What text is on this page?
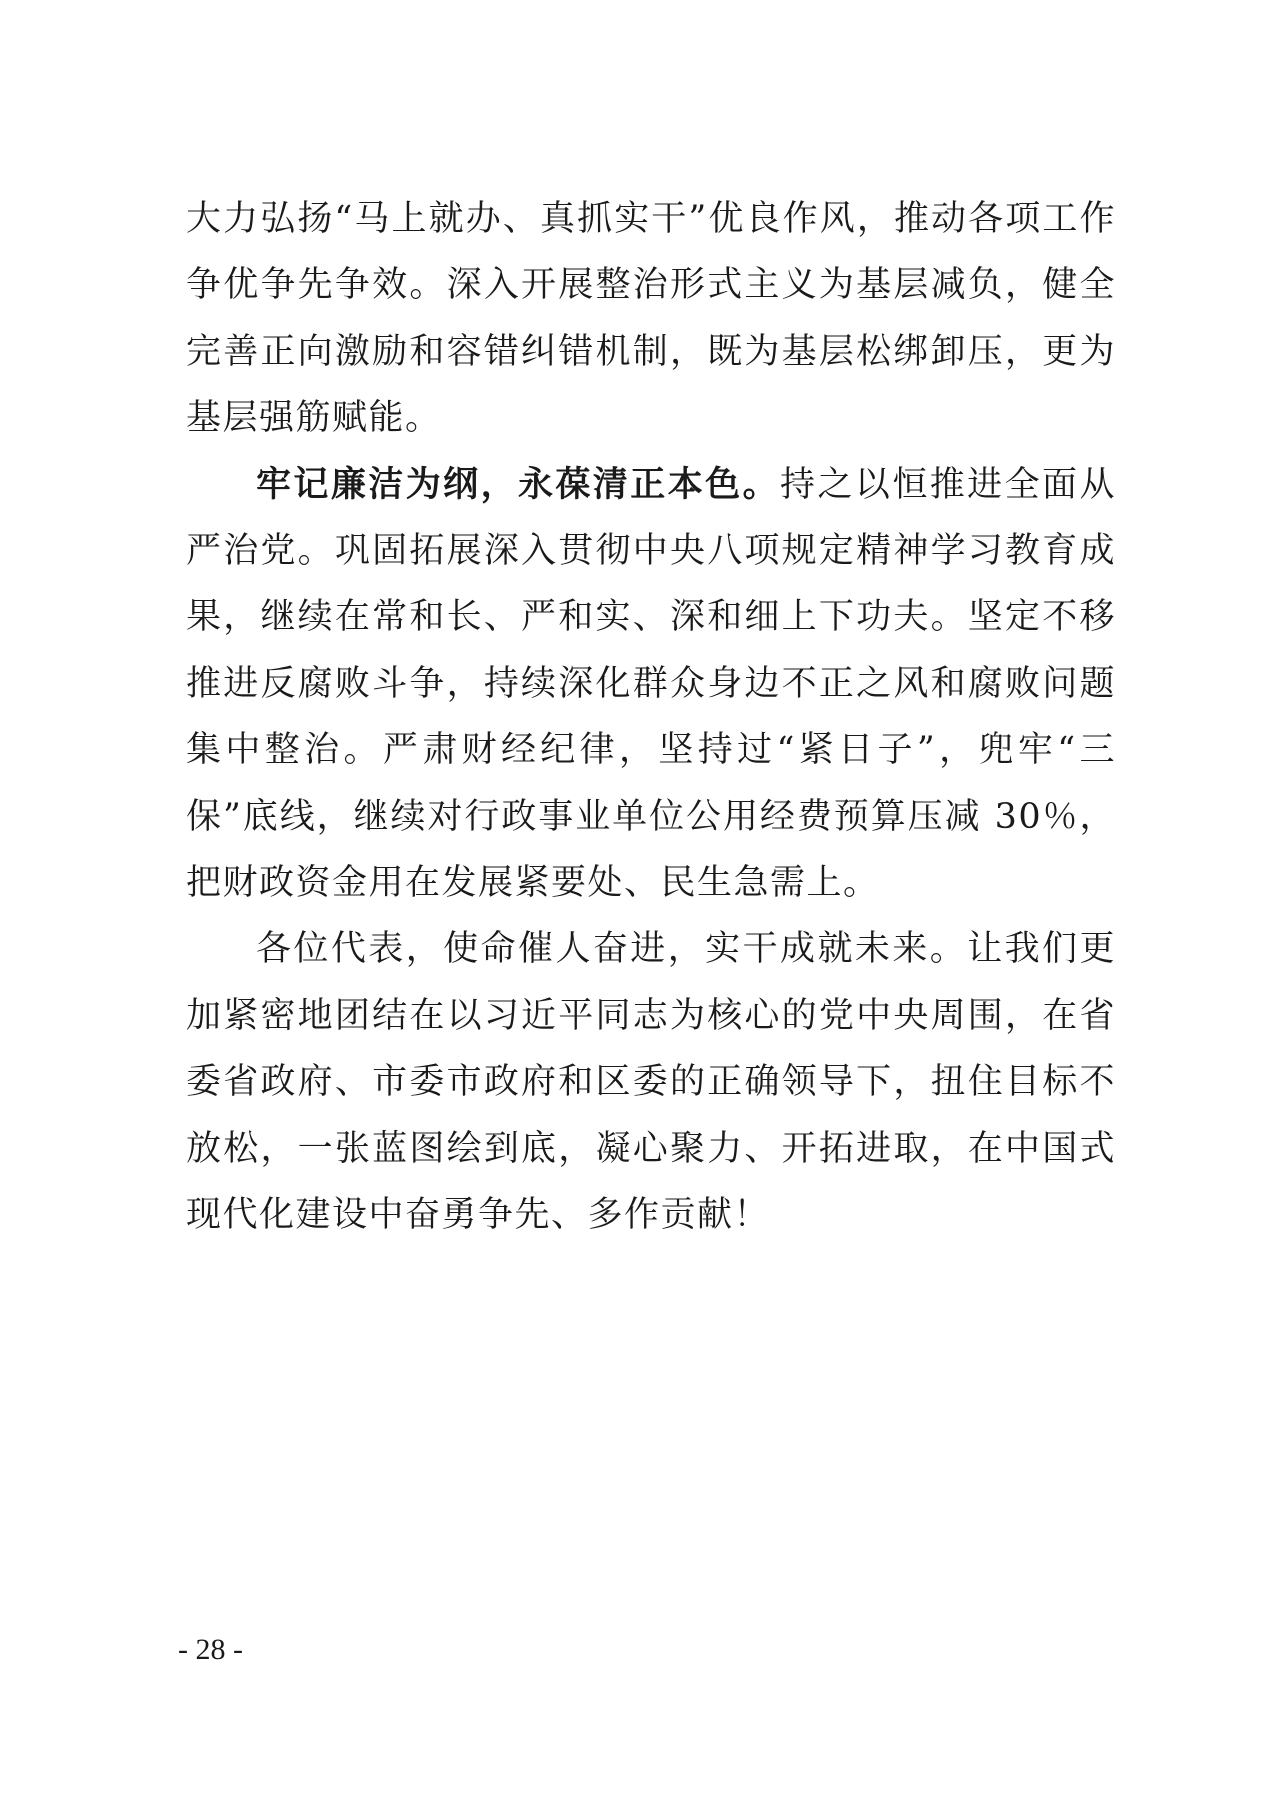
大力弘扬“马上就办、真抓实干”优良作风，推动各项工作争优争先争效。深入开展整治形式主义为基层减负，健全完善正向激励和容错纠错机制，既为基层松绑卸压，更为基层强筋赋能。

牢记廉洁为纲，永葆清正本色。持之以恒推进全面从严治党。巩固拓展深入贯彻中央八项规定精神学习教育成果，继续在常和长、严和实、深和细上下功夫。坚定不移推进反腐败斗争，持续深化群众身边不正之风和腐败问题集中整治。严肃财经纪律，坚持过“紧日子”，兜牢“三保”底线，继续对行政事业单位公用经费预算压减 30％，把财政资金用在发展紧要处、民生急需上。

各位代表，使命催人奋进，实干成就未来。让我们更加紧密地团结在以习近平同志为核心的党中央周围，在省委省政府、市委市政府和区委的正确领导下，扭住目标不放松，一张蓝图绘到底，凝心聚力、开拓进取，在中国式现代化建设中奋勇争先、多作贡献！

- 28 -
